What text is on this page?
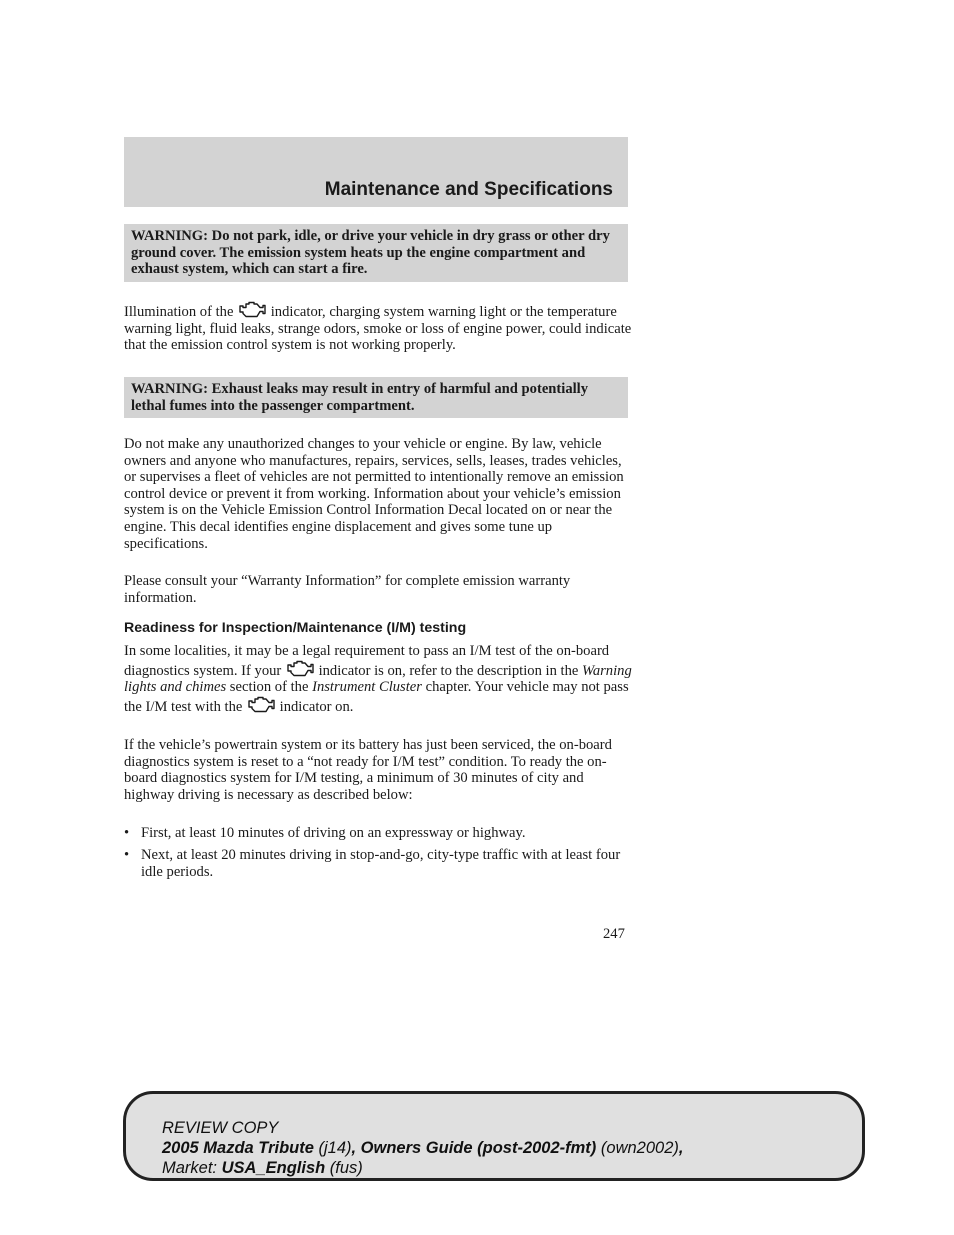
Maintenance and Specifications
WARNING: Do not park, idle, or drive your vehicle in dry grass or other dry ground cover. The emission system heats up the engine compartment and exhaust system, which can start a fire.

Illumination of the  indicator, charging system warning light or the temperature warning light, fluid leaks, strange odors, smoke or loss of engine power, could indicate that the emission control system is not working properly.

WARNING: Exhaust leaks may result in entry of harmful and potentially lethal fumes into the passenger compartment.

Do not make any unauthorized changes to your vehicle or engine. By law, vehicle owners and anyone who manufactures, repairs, services, sells, leases, trades vehicles, or supervises a fleet of vehicles are not permitted to intentionally remove an emission control device or prevent it from working. Information about your vehicle’s emission system is on the Vehicle Emission Control Information Decal located on or near the engine. This decal identifies engine displacement and gives some tune up specifications.

Please consult your “Warranty Information” for complete emission warranty information.

Readiness for Inspection/Maintenance (I/M) testing

In some localities, it may be a legal requirement to pass an I/M test of the on-board diagnostics system. If your  indicator is on, refer to the description in the Warning lights and chimes section of the Instrument Cluster chapter. Your vehicle may not pass the I/M test with the  indicator on.

If the vehicle’s powertrain system or its battery has just been serviced, the on-board diagnostics system is reset to a “not ready for I/M test” condition. To ready the on-board diagnostics system for I/M testing, a minimum of 30 minutes of city and highway driving is necessary as described below:

• First, at least 10 minutes of driving on an expressway or highway.
• Next, at least 20 minutes driving in stop-and-go, city-type traffic with at least four idle periods.
247
REVIEW COPY
2005 Mazda Tribute (j14), Owners Guide (post-2002-fmt) (own2002),
Market: USA_English (fus)
